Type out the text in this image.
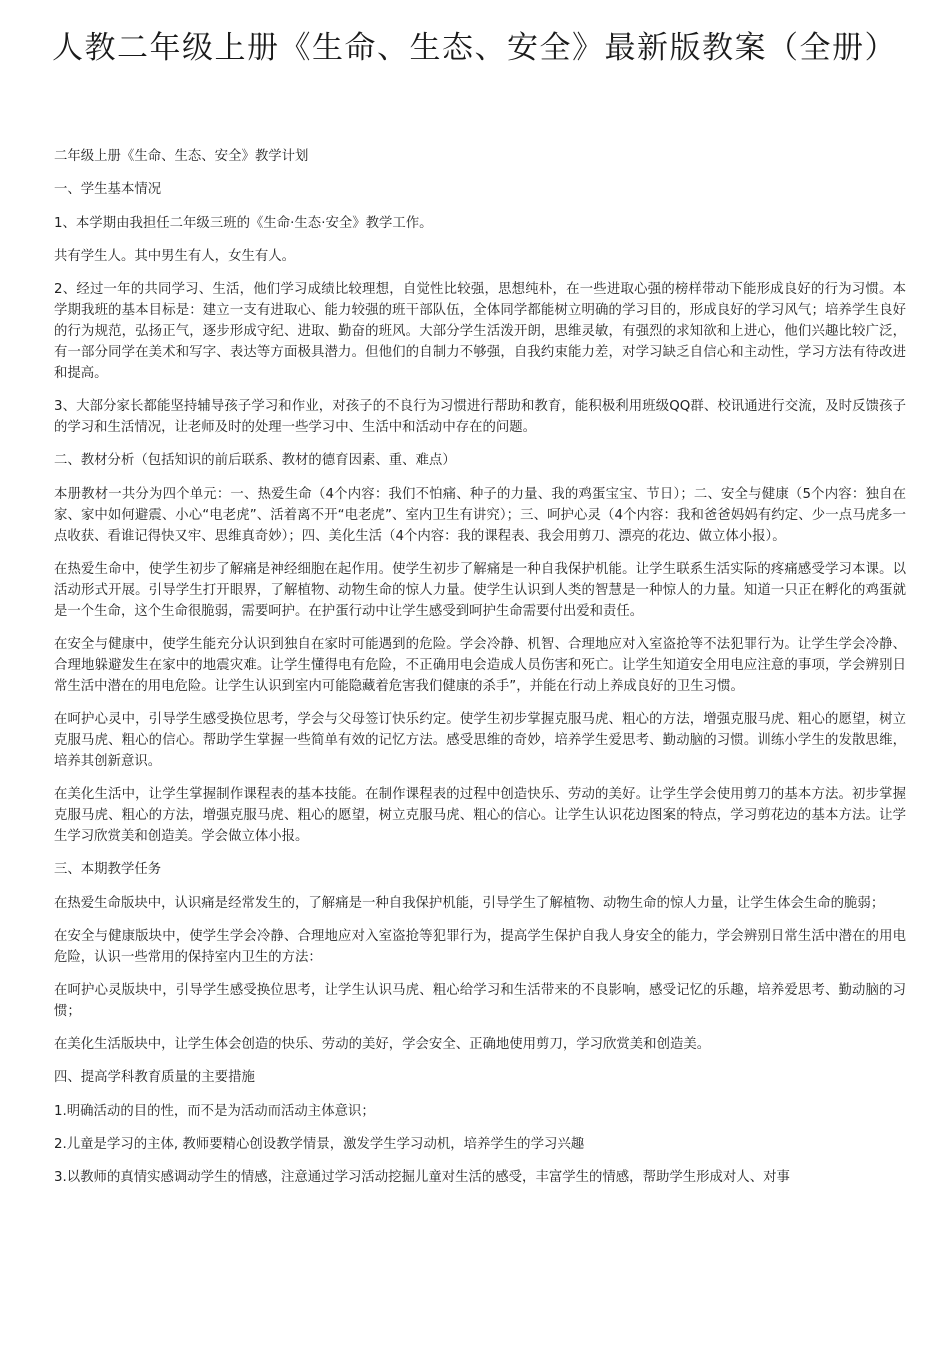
人教二年级上册《生命、生态、安全》最新版教案（全册）

二年级上册《生命、生态、安全》教学计划

一、学生基本情况

1、本学期由我担任二年级三班的《生命·生态·安全》教学工作。

共有学生人。其中男生有人，女生有人。

2、经过一年的共同学习、生活，他们学习成绩比较理想，自觉性比较强，思想纯朴，在一些进取心强的榜样带动下能形成良好的行为习惯。本学期我班的基本目标是：建立一支有进取心、能力较强的班干部队伍，全体同学都能树立明确的学习目的，形成良好的学习风气；培养学生良好的行为规范，弘扬正气，逐步形成守纪、进取、勤奋的班风。大部分学生活泼开朗，思维灵敏，有强烈的求知欲和上进心，他们兴趣比较广泛，有一部分同学在美术和写字、表达等方面极具潜力。但他们的自制力不够强，自我约束能力差，对学习缺乏自信心和主动性，学习方法有待改进和提高。

3、大部分家长都能坚持辅导孩子学习和作业，对孩子的不良行为习惯进行帮助和教育，能积极利用班级QQ群、校讯通进行交流，及时反馈孩子的学习和生活情况，让老师及时的处理一些学习中、生活中和活动中存在的问题。

二、教材分析（包括知识的前后联系、教材的德育因素、重、难点）

本册教材一共分为四个单元：一、热爱生命（4个内容：我们不怕痛、种子的力量、我的鸡蛋宝宝、节日）；二、安全与健康（5个内容：独自在家、家中如何避震、小心“电老虎”、活着离不开“电老虎”、室内卫生有讲究）；三、呵护心灵（4个内容：我和爸爸妈妈有约定、少一点马虎多一点收获、看谁记得快又牢、思维真奇妙）；四、美化生活（4个内容：我的课程表、我会用剪刀、漂亮的花边、做立体小报）。

在热爱生命中，使学生初步了解痛是神经细胞在起作用。使学生初步了解痛是一种自我保护机能。让学生联系生活实际的疼痛感受学习本课。以活动形式开展。引导学生打开眼界，了解植物、动物生命的惊人力量。使学生认识到人类的智慧是一种惊人的力量。知道一只正在孵化的鸡蛋就是一个生命，这个生命很脆弱，需要呵护。在护蛋行动中让学生感受到呵护生命需要付出爱和责任。

在安全与健康中，使学生能充分认识到独自在家时可能遇到的危险。学会冷静、机智、合理地应对入室盗抢等不法犯罪行为。让学生学会冷静、合理地躲避发生在家中的地震灾难。让学生懂得电有危险，不正确用电会造成人员伤害和死亡。让学生知道安全用电应注意的事项，学会辨别日常生活中潜在的用电危险。让学生认识到室内可能隐藏着危害我们健康的杀手”，并能在行动上养成良好的卫生习惯。

在呵护心灵中，引导学生感受换位思考，学会与父母签订快乐约定。使学生初步掌握克服马虎、粗心的方法，增强克服马虎、粗心的愿望，树立克服马虎、粗心的信心。帮助学生掌握一些简单有效的记忆方法。感受思维的奇妙，培养学生爱思考、勤动脑的习惯。训练小学生的发散思维，培养其创新意识。

在美化生活中，让学生掌握制作课程表的基本技能。在制作课程表的过程中创造快乐、劳动的美好。让学生学会使用剪刀的基本方法。初步掌握克服马虎、粗心的方法，增强克服马虎、粗心的愿望，树立克服马虎、粗心的信心。让学生认识花边图案的特点，学习剪花边的基本方法。让学生学习欣赏美和创造美。学会做立体小报。

三、本期教学任务

在热爱生命版块中，认识痛是经常发生的，了解痛是一种自我保护机能，引导学生了解植物、动物生命的惊人力量，让学生体会生命的脆弱；

在安全与健康版块中，使学生学会冷静、合理地应对入室盗抢等犯罪行为，提高学生保护自我人身安全的能力，学会辨别日常生活中潜在的用电危险，认识一些常用的保持室内卫生的方法：

在呵护心灵版块中，引导学生感受换位思考，让学生认识马虎、粗心给学习和生活带来的不良影响，感受记忆的乐趣，培养爱思考、勤动脑的习惯；

在美化生活版块中，让学生体会创造的快乐、劳动的美好，学会安全、正确地使用剪刀，学习欣赏美和创造美。

四、提高学科教育质量的主要措施

1.明确活动的目的性，而不是为活动而活动主体意识；

2.儿童是学习的主体, 教师要精心创设教学情景，激发学生学习动机，培养学生的学习兴趣

3.以教师的真情实感调动学生的情感，注意通过学习活动挖掘儿童对生活的感受，丰富学生的情感，帮助学生形成对人、对事
